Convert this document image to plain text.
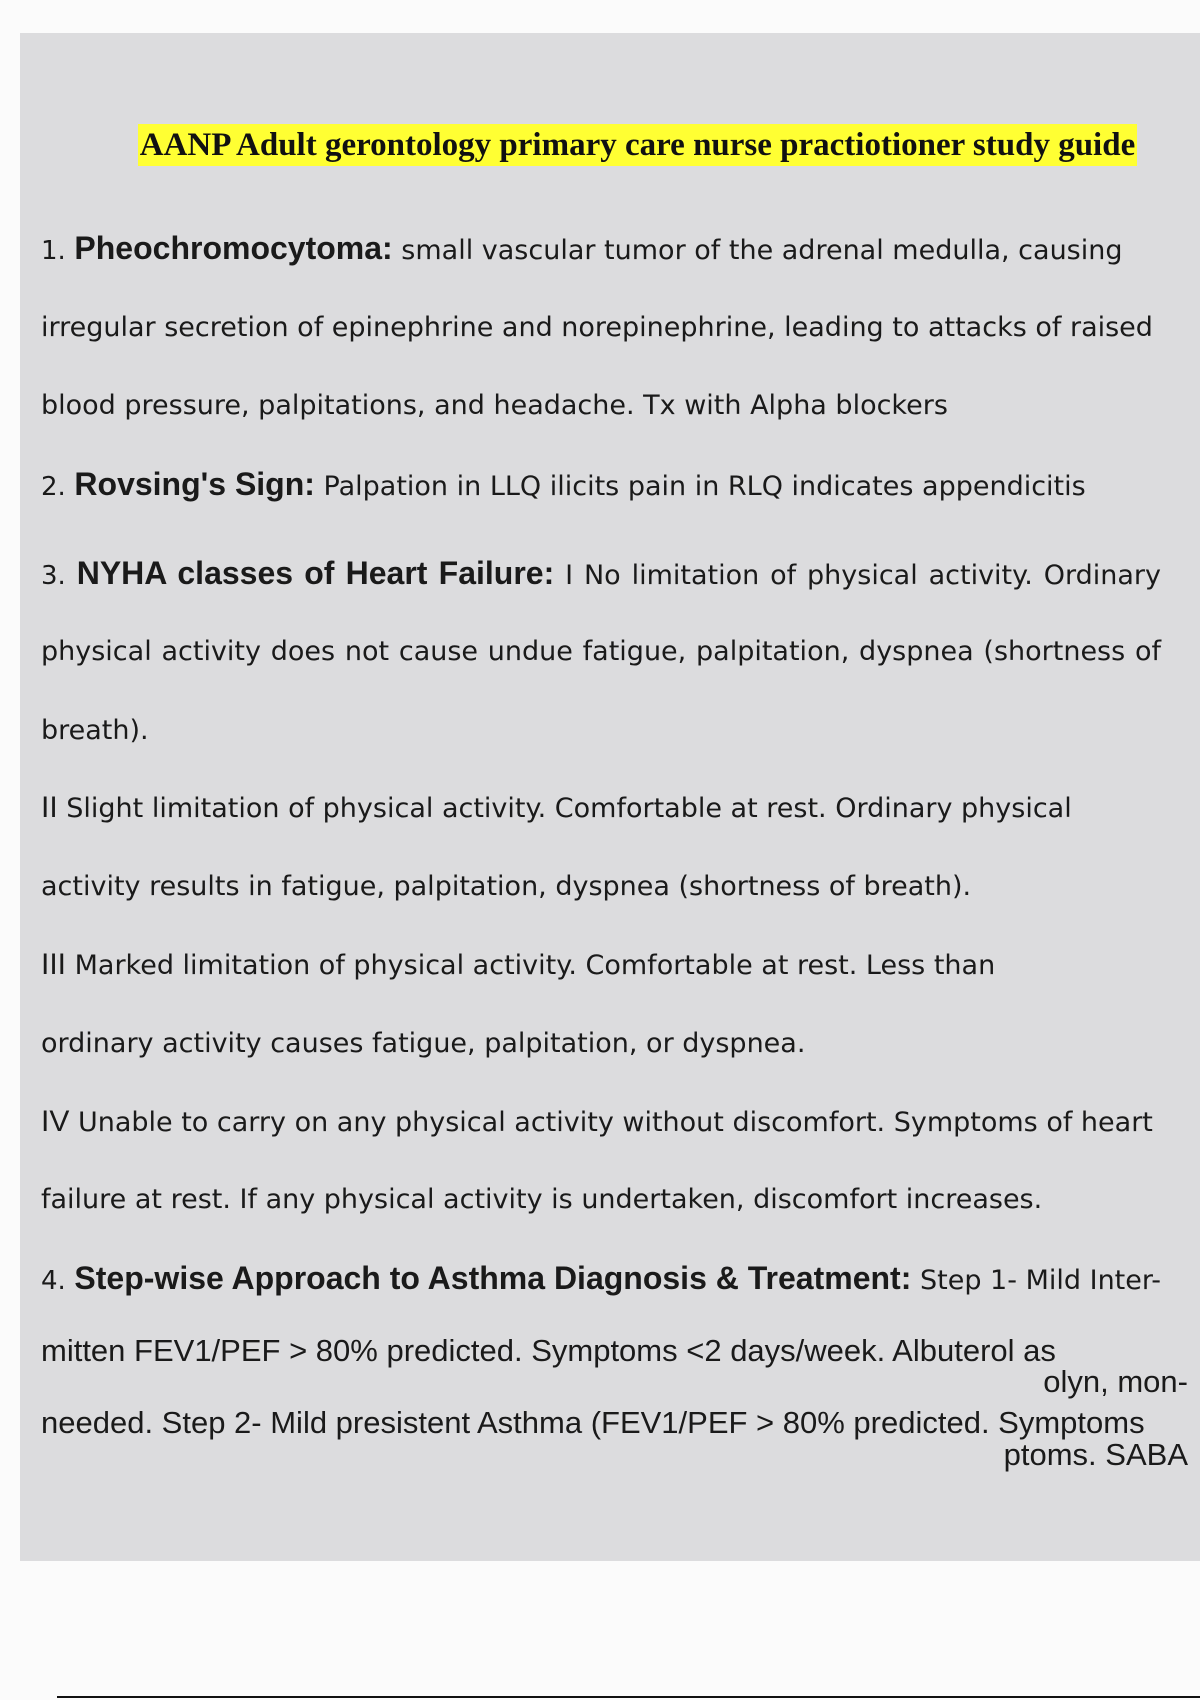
AANP Adult gerontology primary care nurse practiotioner study guide
1. Pheochromocytoma: small vascular tumor of the adrenal medulla, causing
irregular secretion of epinephrine and norepinephrine, leading to attacks of raised
blood pressure, palpitations, and headache. Tx with Alpha blockers
2. Rovsing's Sign: Palpation in LLQ ilicits pain in RLQ indicates appendicitis
3. NYHA classes of Heart Failure: I No limitation of physical activity. Ordinary
physical activity does not cause undue fatigue, palpitation, dyspnea (shortness of
breath).
II Slight limitation of physical activity. Comfortable at rest. Ordinary physical
activity results in fatigue, palpitation, dyspnea (shortness of breath).
III Marked limitation of physical activity. Comfortable at rest. Less than
ordinary activity causes fatigue, palpitation, or dyspnea.
IV Unable to carry on any physical activity without discomfort. Symptoms of heart
failure at rest. If any physical activity is undertaken, discomfort increases.
4. Step-wise Approach to Asthma Diagnosis & Treatment: Step 1- Mild Inter-
mitten FEV1/PEF > 80% predicted. Symptoms <2 days/week. Albuterol as
olyn, mon-
needed. Step 2- Mild presistent Asthma (FEV1/PEF > 80% predicted. Symptoms
ptoms. SABA
